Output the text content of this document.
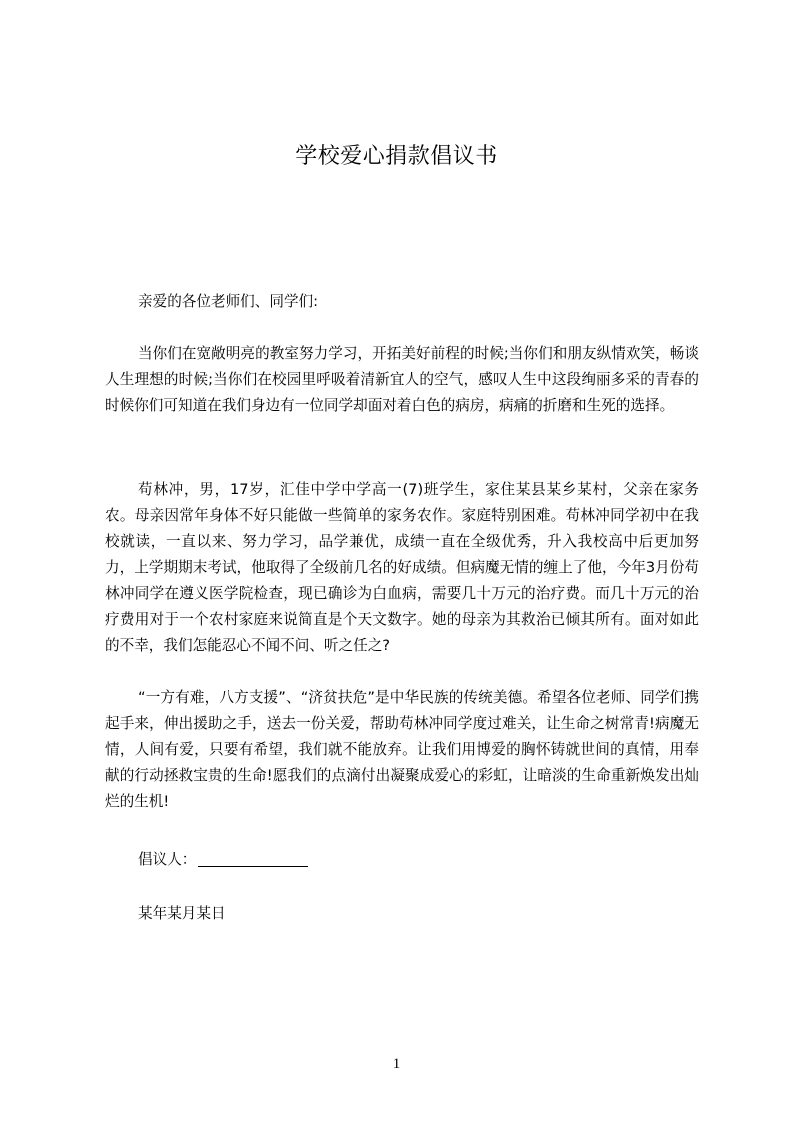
学校爱心捐款倡议书
亲爱的各位老师们、同学们:
当你们在宽敞明亮的教室努力学习，开拓美好前程的时候;当你们和朋友纵情欢笑，畅谈人生理想的时候;当你们在校园里呼吸着清新宜人的空气，感叹人生中这段绚丽多采的青春的时候你们可知道在我们身边有一位同学却面对着白色的病房，病痛的折磨和生死的选择。
苟林冲，男，17岁，汇佳中学中学高一(7)班学生，家住某县某乡某村，父亲在家务农。母亲因常年身体不好只能做一些简单的家务农作。家庭特别困难。苟林冲同学初中在我校就读，一直以来、努力学习，品学兼优，成绩一直在全级优秀，升入我校高中后更加努力，上学期期末考试，他取得了全级前几名的好成绩。但病魔无情的缠上了他，今年3月份苟林冲同学在遵义医学院检查，现已确诊为白血病，需要几十万元的治疗费。而几十万元的治疗费用对于一个农村家庭来说简直是个天文数字。她的母亲为其救治已倾其所有。面对如此的不幸，我们怎能忍心不闻不问、听之任之?
“一方有难，八方支援”、“济贫扶危”是中华民族的传统美德。希望各位老师、同学们携起手来，伸出援助之手，送去一份关爱，帮助苟林冲同学度过难关，让生命之树常青!病魔无情，人间有爱，只要有希望，我们就不能放弃。让我们用博爱的胸怀铸就世间的真情，用奉献的行动拯救宝贵的生命!愿我们的点滴付出凝聚成爱心的彩虹，让暗淡的生命重新焕发出灿烂的生机!
倡议人：
某年某月某日
1
